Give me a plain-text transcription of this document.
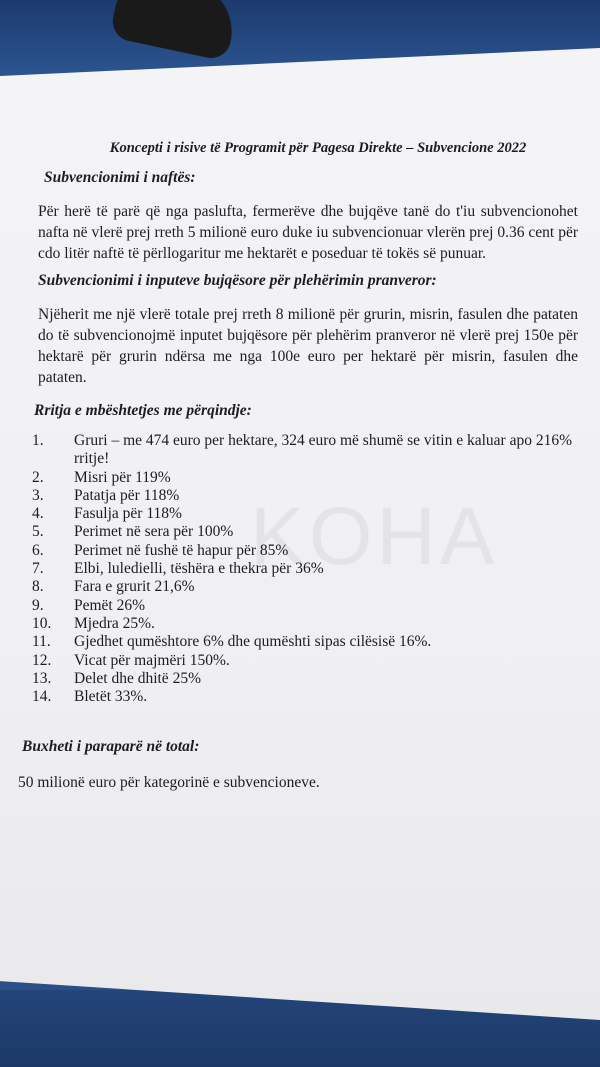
KOHA
Koncepti i risive të Programit për Pagesa Direkte – Subvencione 2022
Subvencionimi i naftës:

Për herë të parë që nga paslufta, fermerëve dhe bujqëve tanë do t'iu subvencionohet nafta në vlerë prej rreth 5 milionë euro duke iu subvencionuar vlerën prej 0.36 cent për cdo litër naftë të përllogaritur me hektarët e poseduar të tokës së punuar.

Subvencionimi i inputeve bujqësore për plehërimin pranveror:

Njëherit me një vlerë totale prej rreth 8 milionë për grurin, misrin, fasulen dhe pataten do të subvencionojmë inputet bujqësore për plehërim pranveror në vlerë prej 150e për hektarë për grurin ndërsa me nga 100e euro per hektarë për misrin, fasulen dhe pataten.

Rritja e mbështetjes me përqindje:
1.	Gruri – me 474 euro per hektare, 324 euro më shumë se vitin e kaluar apo 216% rritje!
2.	Misri për 119%
3.	Patatja për 118%
4.	Fasulja për 118%
5.	Perimet në sera për 100%
6.	Perimet në fushë të hapur për 85%
7.	Elbi, luledielli, tëshëra e thekra për 36%
8.	Fara e grurit 21,6%
9.	Pemët 26%
10.	Mjedra 25%.
11.	Gjedhet qumështore 6% dhe qumështi sipas cilësisë 16%.
12.	Vicat për majmëri 150%.
13.	Delet dhe dhitë 25%
14.	Bletët 33%.
Buxheti i paraparë në total:

50 milionë euro për kategorinë e subvencioneve.
